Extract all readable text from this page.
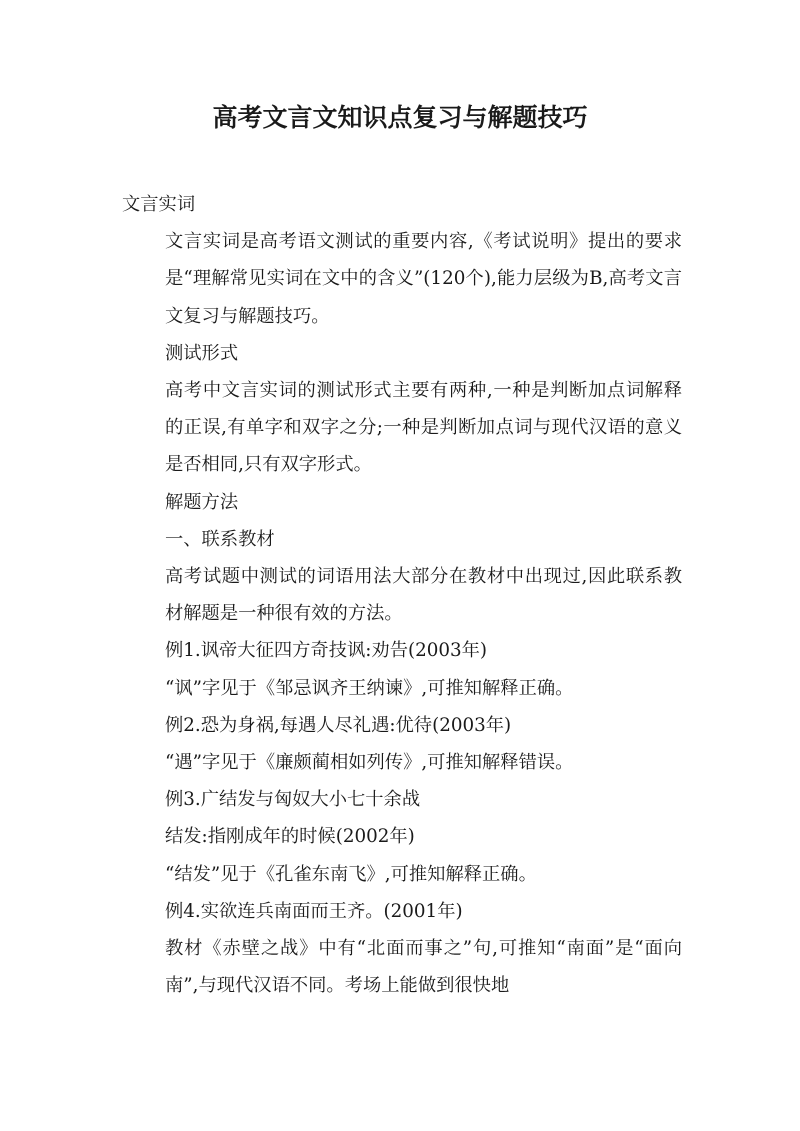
高考文言文知识点复习与解题技巧

文言实词

文言实词是高考语文测试的重要内容,《考试说明》提出的要求是“理解常见实词在文中的含义”(120个),能力层级为B,高考文言文复习与解题技巧。

测试形式

高考中文言实词的测试形式主要有两种,一种是判断加点词解释的正误,有单字和双字之分;一种是判断加点词与现代汉语的意义是否相同,只有双字形式。

解题方法

一、联系教材

高考试题中测试的词语用法大部分在教材中出现过,因此联系教材解题是一种很有效的方法。

例1.讽帝大征四方奇技讽:劝告(2003年)

“讽”字见于《邹忌讽齐王纳谏》,可推知解释正确。

例2.恐为身祸,每遇人尽礼遇:优待(2003年)

“遇”字见于《廉颇蔺相如列传》,可推知解释错误。

例3.广结发与匈奴大小七十余战

结发:指刚成年的时候(2002年)

“结发”见于《孔雀东南飞》,可推知解释正确。

例4.实欲连兵南面而王齐。(2001年)

教材《赤壁之战》中有“北面而事之”句,可推知“南面”是“面向南”,与现代汉语不同。考场上能做到很快地
